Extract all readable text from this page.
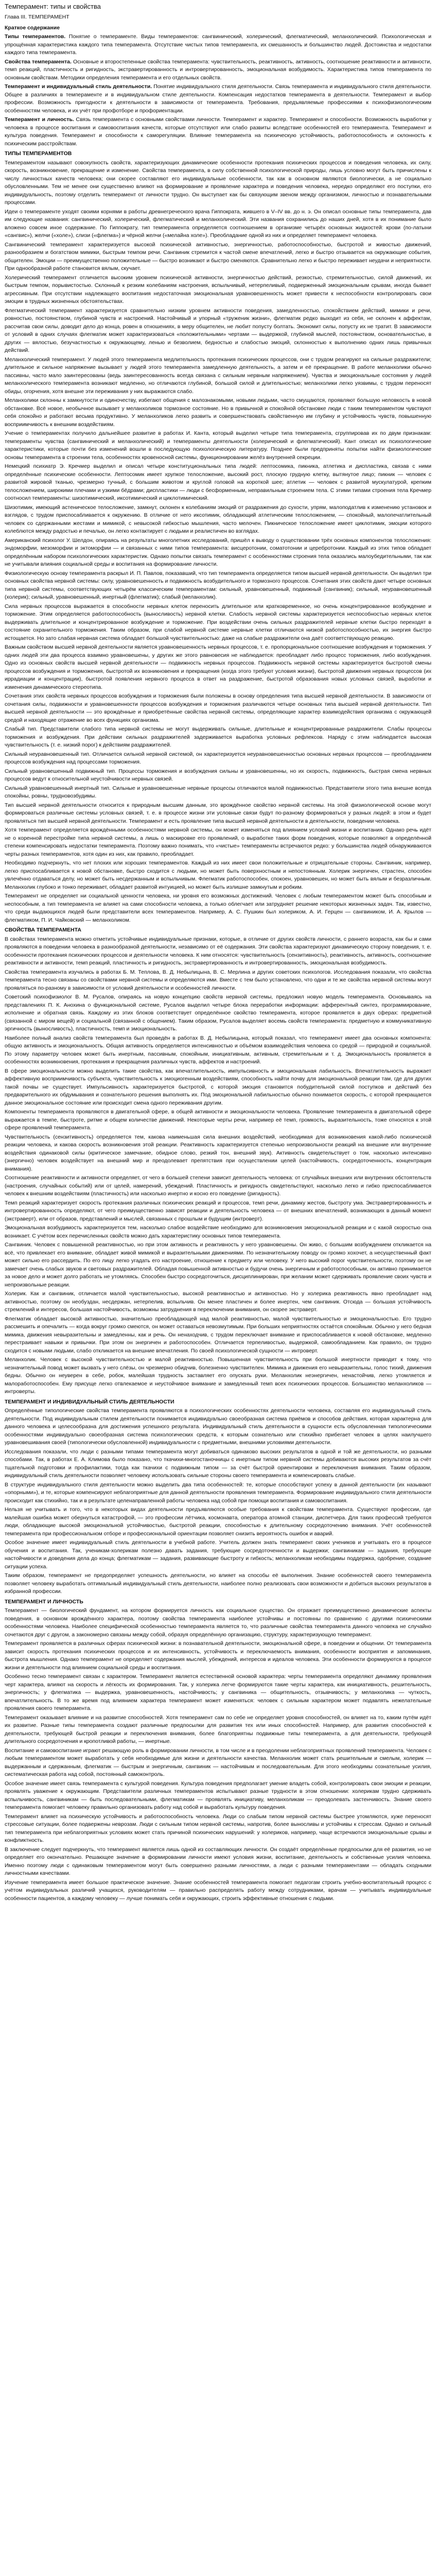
Темперамент: типы и свойства
Глава III. ТЕМПЕРАМЕНТ
Краткое содержание
Типы темпераментов. Понятие о темпераменте. Виды темпераментов: сангвинический, холерический, флегматический, меланхолический. Психологическая и упрощённая характеристика каждого типа темперамента. Отсутствие чистых типов темперамента, их смешанность и большинство людей. Достоинства и недостатки каждого типа темперамента.
Свойства темперамента. Основные и второстепенные свойства темперамента: чувствительность, реактивность, активность, соотношение реактивности и активности, темп реакций, пластичность и ригидность, экстравертированность и интровертированность, эмоциональная возбудимость. Характеристика типов темперамента по основным свойствам. Методики определения темперамента и его отдельных свойств.
Темперамент и индивидуальный стиль деятельности. Понятие индивидуального стиля деятельности. Связь темперамента и индивидуального стиля деятельности. Общее в различиях в темпераменте и в индивидуальном стиле деятельности. Компенсация недостатков темперамента в деятельности. Темперамент и выбор профессии. Возможность пригодности к деятельности в зависимости от темперамента. Требования, предъявляемые профессиями к психофизиологическим особенностям человека, и их учёт при профотборе и профориентации.
Темперамент и личность. Связь темперамента с основными свойствами личности. Темперамент и характер. Темперамент и способности. Возможность выработки у человека в процессе воспитания и самовоспитания качеств, которые отсутствуют или слабо развиты вследствие особенностей его темперамента. Темперамент и культура поведения. Темперамент и способности к саморегуляции. Влияние темперамента на психическую устойчивость, работоспособность и склонность к психическим расстройствам.
ТИПЫ ТЕМПЕРАМЕНТОВ
Темпераментом называют совокупность свойств, характеризующих динамические особенности протекания психических процессов и поведения человека, их силу, скорость, возникновение, прекращение и изменение. Свойства темперамента, в силу собственной психологической природы, лишь условно могут быть причислены к числу личностных качеств человека; они скорее составляют его индивидуальные особенности, так как в основном являются биологически, а не социально обусловленными. Тем не менее они существенно влияют на формирование и проявление характера и поведения человека, нередко определяют его поступки, его индивидуальность, поэтому отделить темперамент от личности трудно. Он выступает как бы связующим звеном между организмом, личностью и познавательными процессами.
Идеи о темпераменте уходят своими корнями в работы древнегреческого врача Гиппократа, жившего в V–IV вв. до н. э. Он описал основные типы темперамента, дав им следующие названия: сангвинический, холерический, флегматический и меланхолический. Эти названия сохранились до наших дней, хотя в их понимание было вложено совсем иное содержание. По Гиппократу, тип темперамента определяется соотношением в организме четырёх основных жидкостей: крови (по-латыни «сангвис»), желчи («холе»), слизи («флегма») и чёрной желчи («мелайна холе»). Преобладание одной из них и определяет темперамент человека.
Сангвинический темперамент характеризуется высокой психической активностью, энергичностью, работоспособностью, быстротой и живостью движений, разнообразием и богатством мимики, быстрым темпом речи. Сангвиник стремится к частой смене впечатлений, легко и быстро отзывается на окружающие события, общителен. Эмоции — преимущественно положительные — быстро возникают и быстро сменяются. Сравнительно легко и быстро переживает неудачи и неприятности. При однообразной работе становится вялым, скучает.
Холерический темперамент отличается высоким уровнем психической активности, энергичностью действий, резкостью, стремительностью, силой движений, их быстрым темпом, порывистостью. Склонный к резким колебаниям настроения, вспыльчивый, нетерпеливый, подверженный эмоциональным срывам, иногда бывает агрессивным. При отсутствии надлежащего воспитания недостаточная эмоциональная уравновешенность может привести к неспособности контролировать свои эмоции в трудных жизненных обстоятельствах.
Флегматический темперамент характеризуется сравнительно низким уровнем активности поведения, замедленностью, спокойствием действий, мимики и речи, ровностью, постоянством, глубиной чувств и настроений. Настойчивый и упорный «труженик жизни», флегматик редко выходит из себя, не склонен к аффектам, рассчитав свои силы, доводит дело до конца, ровен в отношениях, в меру общителен, не любит попусту болтать. Экономит силы, попусту их не тратит. В зависимости от условий в одних случаях флегматик может характеризоваться «положительными» чертами — выдержкой, глубиной мыслей, постоянством, основательностью, в других — вялостью, безучастностью к окружающему, ленью и безволием, бедностью и слабостью эмоций, склонностью к выполнению одних лишь привычных действий.
Меланхолический темперамент. У людей этого темперамента медлительность протекания психических процессов, они с трудом реагируют на сильные раздражители; длительное и сильное напряжение вызывает у людей этого темперамента замедленную деятельность, а затем и её прекращение. В работе меланхолики обычно пассивны, часто мало заинтересованы (ведь заинтересованность всегда связана с сильным нервным напряжением). Чувства и эмоциональные состояния у людей меланхолического темперамента возникают медленно, но отличаются глубиной, большой силой и длительностью; меланхолики легко уязвимы, с трудом переносят обиды, огорчения, хотя внешне эти переживания у них выражаются слабо.
Меланхолики склонны к замкнутости и одиночеству, избегают общения с малознакомыми, новыми людьми, часто смущаются, проявляют большую неловкость в новой обстановке. Всё новое, необычное вызывает у меланхоликов тормозное состояние. Но в привычной и спокойной обстановке люди с таким темпераментом чувствуют себя спокойно и работают весьма продуктивно. У меланхоликов легко развить и совершенствовать свойственную им глубину и устойчивость чувств, повышенную восприимчивость к внешним воздействиям.
Учение о темпераментах получило дальнейшее развитие в работах И. Канта, который выделил четыре типа темперамента, сгруппировав их по двум признакам: темпераменты чувства (сангвинический и меланхолический) и темпераменты деятельности (холерический и флегматический). Кант описал их психологические характеристики, которые почти без изменений вошли в последующую психологическую литературу. Позднее были предприняты попытки найти физиологические основы темперамента в строении тела, особенностях кровеносной системы, функционировании желёз внутренней секреции.
Немецкий психиатр Э. Кречмер выделил и описал четыре конституциональных типа людей: лептосомика, пикника, атлетика и диспластика, связав с ними определённые психические особенности. Лептосомик имеет хрупкое телосложение, высокий рост, плоскую грудную клетку, вытянутое лицо; пикник — человек с развитой жировой тканью, чрезмерно тучный, с большим животом и круглой головой на короткой шее; атлетик — человек с развитой мускулатурой, крепким телосложением, широкими плечами и узкими бёдрами; диспластики — люди с бесформенным, неправильным строением тела. С этими типами строения тела Кречмер соотносил темпераменты: шизотимический, иксотимический и циклотимический.
Шизотимик, имеющий астеническое телосложение, замкнут, склонен к колебаниям эмоций от раздражения до сухости, упрям, малоподатлив к изменению установок и взглядов, с трудом приспосабливается к окружению. В отличие от него иксотимик, обладающий атлетическим телосложением, — спокойный, малопечатлительный человек со сдержанными жестами и мимикой, с невысокой гибкостью мышления, часто мелочен. Пикническое телосложение имеет циклотимик, эмоции которого колеблются между радостью и печалью, он легко контактирует с людьми и реалистичен во взглядах.
Американский психолог У. Шелдон, опираясь на результаты многолетних исследований, пришёл к выводу о существовании трёх основных компонентов телосложения: эндоморфии, мезоморфии и эктоморфии — и связанных с ними типов темперамента: висцеротонии, соматотонии и церебротонии. Каждый из этих типов обладает определённым набором психологических характеристик. Однако попытки связать темперамент с особенностями строения тела оказались малоубедительными, так как не учитывали влияния социальной среды и воспитания на формирование личности.
Физиологическую основу темперамента раскрыл И. П. Павлов, показавший, что тип темперамента определяется типом высшей нервной деятельности. Он выделил три основных свойства нервной системы: силу, уравновешенность и подвижность возбудительного и тормозного процессов. Сочетания этих свойств дают четыре основных типа нервной системы, соответствующих четырём классическим темпераментам: сильный, уравновешенный, подвижный (сангвиник); сильный, неуравновешенный (холерик); сильный, уравновешенный, инертный (флегматик); слабый (меланхолик).
Сила нервных процессов выражается в способности нервных клеток переносить длительное или кратковременное, но очень концентрированное возбуждение и торможение. Этим определяется работоспособность (выносливость) нервной клетки. Слабость нервной системы характеризуется неспособностью нервных клеток выдерживать длительное и концентрированное возбуждение и торможение. При воздействии очень сильных раздражителей нервные клетки быстро переходят в состояние охранительного торможения. Таким образом, при слабой нервной системе нервные клетки отличаются низкой работоспособностью, их энергия быстро истощается. Но зато слабая нервная система обладает большой чувствительностью: даже на слабые раздражители она даёт соответствующую реакцию.
Важным свойством высшей нервной деятельности является уравновешенность нервных процессов, т. е. пропорциональное соотношение возбуждения и торможения. У одних людей эти два процесса взаимно уравновешены, у других же этого равновесия не наблюдается: преобладает либо процесс торможения, либо возбуждения. Одно из основных свойств высшей нервной деятельности — подвижность нервных процессов. Подвижность нервной системы характеризуется быстротой смены процессов возбуждения и торможения, быстротой их возникновения и прекращения (когда этого требуют условия жизни), быстротой движения нервных процессов (их иррадиации и концентрации), быстротой появления нервного процесса в ответ на раздражение, быстротой образования новых условных связей, выработки и изменения динамического стереотипа.
Сочетания этих свойств нервных процессов возбуждения и торможения были положены в основу определения типа высшей нервной деятельности. В зависимости от сочетания силы, подвижности и уравновешенности процессов возбуждения и торможения различаются четыре основных типа высшей нервной деятельности. Тип высшей нервной деятельности — это врождённые и приобретённые свойства нервной системы, определяющие характер взаимодействия организма с окружающей средой и находящие отражение во всех функциях организма.
Слабый тип. Представители слабого типа нервной системы не могут выдерживать сильные, длительные и концентрированные раздражители. Слабы процессы торможения и возбуждения. При действии сильных раздражителей задерживается выработка условных рефлексов. Наряду с этим наблюдается высокая чувствительность (т. е. низкий порог) к действиям раздражителей.
Сильный неуравновешенный тип. Отличается сильной нервной системой, он характеризуется неуравновешенностью основных нервных процессов — преобладанием процессов возбуждения над процессами торможения.
Сильный уравновешенный подвижный тип. Процессы торможения и возбуждения сильны и уравновешенны, но их скорость, подвижность, быстрая смена нервных процессов ведут к относительной неустойчивости нервных связей.
Сильный уравновешенный инертный тип. Сильные и уравновешенные нервные процессы отличаются малой подвижностью. Представители этого типа внешне всегда спокойны, ровны, трудновозбудимы.
Тип высшей нервной деятельности относится к природным высшим данным, это врождённое свойство нервной системы. На этой физиологической основе могут формироваться различные системы условных связей, т. е. в процессе жизни эти условные связи будут по-разному формироваться у разных людей: в этом и будет проявляться тип высшей нервной деятельности. Темперамент и есть проявление типа высшей нервной деятельности в деятельности, поведении человека.
Хотя темперамент определяется врождёнными особенностями нервной системы, он может изменяться под влиянием условий жизни и воспитания. Однако речь идёт не о коренной перестройке типа нервной системы, а лишь о маскировке его проявлений, о выработке таких форм поведения, которые позволяют в определённой степени компенсировать недостатки темперамента. Поэтому важно понимать, что «чистые» темпераменты встречаются редко: у большинства людей обнаруживаются черты разных темпераментов, хотя один из них, как правило, преобладает.
Необходимо подчеркнуть, что нет плохих или хороших темпераментов. Каждый из них имеет свои положительные и отрицательные стороны. Сангвиник, например, легко приспосабливается к новой обстановке, быстро сходится с людьми, но может быть поверхностным и непостоянным. Холерик энергичен, страстен, способен увлечённо отдаваться делу, но может быть несдержанным и вспыльчивым. Флегматик работоспособен, спокоен, уравновешен, но может быть вялым и безразличным. Меланхолик глубоко и тонко переживает, обладает развитой интуицией, но может быть излишне замкнутым и робким.
Темперамент не определяет ни социальной ценности человека, ни уровня его возможных достижений. Человек с любым темпераментом может быть способным и неспособным, а тип темперамента не влияет на сами способности человека, а только облегчает или затрудняет решение некоторых жизненных задач. Так, известно, что среди выдающихся людей были представители всех темпераментов. Например, А. С. Пушкин был холериком, А. И. Герцен — сангвиником, И. А. Крылов — флегматиком, П. И. Чайковский — меланхоликом.
СВОЙСТВА ТЕМПЕРАМЕНТА
В свойствах темперамента можно отметить устойчивые индивидуальные признаки, которые, в отличие от других свойств личности, с раннего возраста, как бы и сами проявляются в поведении человека в разнообразной деятельности, независимо от её содержания. Эти свойства характеризуют динамическую сторону поведения, т. е. особенности протекания психических процессов и деятельности человека. К ним относятся: чувствительность (сензитивность), реактивность, активность, соотношение реактивности и активности, темп реакций, пластичность и ригидность, экстравертированность и интровертированность, эмоциональная возбудимость.
Свойства темперамента изучались в работах Б. М. Теплова, В. Д. Небылицына, В. С. Мерлина и других советских психологов. Исследования показали, что свойства темперамента тесно связаны со свойствами нервной системы и определяются ими. Вместе с тем было установлено, что одни и те же свойства нервной системы могут проявляться по-разному в зависимости от условий деятельности и особенностей личности.
Советский психофизиолог В. М. Русалов, опираясь на новую концепцию свойств нервной системы, предложил новую модель темперамента. Основываясь на представлениях П. К. Анохина о функциональной системе, Русалов выделил четыре блока переработки информации: афферентный синтез, программирование, исполнение и обратная связь. Каждому из этих блоков соответствует определённое свойство темперамента, которое проявляется в двух сферах: предметной (связанной с миром вещей) и социальной (связанной с общением). Таким образом, Русалов выделяет восемь свойств темперамента: предметную и коммуникативную эргичность (выносливость), пластичность, темп и эмоциональность.
Наиболее полный анализ свойств темперамента был проведён в работах В. Д. Небылицына, который показал, что темперамент имеет два основных компонента: общую активность и эмоциональность. Общая активность определяется интенсивностью и объёмом взаимодействия человека со средой — природной и социальной. По этому параметру человек может быть инертным, пассивным, спокойным, инициативным, активным, стремительным и т. д. Эмоциональность проявляется в особенностях возникновения, протекания и прекращения различных чувств, аффектов и настроений.
В сфере эмоциональности можно выделить такие свойства, как впечатлительность, импульсивность и эмоциональная лабильность. Впечатлительность выражает аффективную восприимчивость субъекта, чувствительность к эмоциогенным воздействиям, способность найти почву для эмоциональной реакции там, где для других такой почвы не существует. Импульсивность характеризуется быстротой, с которой эмоция становится побудительной силой поступков и действий без предварительного их обдумывания и сознательного решения выполнять их. Под эмоциональной лабильностью обычно понимается скорость, с которой прекращается данное эмоциональное состояние или происходит смена одного переживания другим.
Компоненты темперамента проявляются в двигательной сфере, в общей активности и эмоциональности человека. Проявление темперамента в двигательной сфере выражается в темпе, быстроте, ритме и общем количестве движений. Некоторые черты речи, например её темп, громкость, выразительность, тоже относятся к этой сфере проявлений темперамента.
Чувствительность (сензитивность) определяется тем, какова наименьшая сила внешних воздействий, необходимая для возникновения какой-либо психической реакции человека, и какова скорость возникновения этой реакции. Реактивность характеризуется степенью непроизвольности реакций на внешние или внутренние воздействия одинаковой силы (критическое замечание, обидное слово, резкий тон, внешний звук). Активность свидетельствует о том, насколько интенсивно (энергично) человек воздействует на внешний мир и преодолевает препятствия при осуществлении целей (настойчивость, сосредоточенность, концентрация внимания).
Соотношение реактивности и активности определяет, от чего в большей степени зависит деятельность человека: от случайных внешних или внутренних обстоятельств (настроения, случайных событий) или от целей, намерений, убеждений. Пластичность и ригидность свидетельствуют, насколько легко и гибко приспосабливается человек к внешним воздействиям (пластичность) или насколько инертно и косно его поведение (ригидность).
Темп реакций характеризует скорость протекания различных психических реакций и процессов, темп речи, динамику жестов, быстроту ума. Экстравертированность и интровертированность определяют, от чего преимущественно зависят реакции и деятельность человека — от внешних впечатлений, возникающих в данный момент (экстраверт), или от образов, представлений и мыслей, связанных с прошлым и будущим (интроверт).
Эмоциональная возбудимость характеризуется тем, насколько слабое воздействие необходимо для возникновения эмоциональной реакции и с какой скоростью она возникает. С учётом всех перечисленных свойств можно дать характеристику основных типов темперамента.
Сангвиник. Человек с повышенной реактивностью, но при этом активность и реактивность у него уравновешены. Он живо, с большим возбуждением откликается на всё, что привлекает его внимание, обладает живой мимикой и выразительными движениями. По незначительному поводу он громко хохочет, а несущественный факт может сильно его рассердить. По его лицу легко угадать его настроение, отношение к предмету или человеку. У него высокий порог чувствительности, поэтому он не замечает очень слабых звуков и световых раздражителей. Обладая повышенной активностью и будучи очень энергичным и работоспособным, он активно принимается за новое дело и может долго работать не утомляясь. Способен быстро сосредоточиться, дисциплинирован, при желании может сдерживать проявление своих чувств и непроизвольные реакции.
Холерик. Как и сангвиник, отличается малой чувствительностью, высокой реактивностью и активностью. Но у холерика реактивность явно преобладает над активностью, поэтому он необуздан, несдержан, нетерпелив, вспыльчив. Он менее пластичен и более инертен, чем сангвиник. Отсюда — большая устойчивость стремлений и интересов, большая настойчивость, возможны затруднения в переключении внимания, он скорее экстраверт.
Флегматик обладает высокой активностью, значительно преобладающей над малой реактивностью, малой чувствительностью и эмоциональностью. Его трудно рассмешить и опечалить — когда вокруг громко смеются, он может оставаться невозмутимым. При больших неприятностях остаётся спокойным. Обычно у него бедная мимика, движения невыразительны и замедленны, как и речь. Он ненаходчив, с трудом переключает внимание и приспосабливается к новой обстановке, медленно перестраивает навыки и привычки. При этом он энергичен и работоспособен. Отличается терпеливостью, выдержкой, самообладанием. Как правило, он трудно сходится с новыми людьми, слабо откликается на внешние впечатления. По своей психологической сущности — интроверт.
Меланхолик. Человек с высокой чувствительностью и малой реактивностью. Повышенная чувствительность при большой инертности приводит к тому, что незначительный повод может вызвать у него слёзы, он чрезмерно обидчив, болезненно чувствителен. Мимика и движения его невыразительны, голос тихий, движения бедны. Обычно он неуверен в себе, робок, малейшая трудность заставляет его опускать руки. Меланхолик неэнергичен, ненастойчив, легко утомляется и малоработоспособен. Ему присуще легко отвлекаемое и неустойчивое внимание и замедленный темп всех психических процессов. Большинство меланхоликов — интроверты.
ТЕМПЕРАМЕНТ И ИНДИВИДУАЛЬНЫЙ СТИЛЬ ДЕЯТЕЛЬНОСТИ
Определённые типологические свойства темперамента проявляются в психологических особенностях деятельности человека, составляя его индивидуальный стиль деятельности. Под индивидуальным стилем деятельности понимается индивидуально своеобразная система приёмов и способов действия, которая характерна для данного человека и целесообразна для достижения успешного результата. Индивидуальный стиль деятельности в сущности есть обусловленная типологическими особенностями индивидуально своеобразная система психологических средств, к которым сознательно или стихийно прибегает человек в целях наилучшего уравновешивания своей (типологически обусловленной) индивидуальности с предметными, внешними условиями деятельности.
Исследования показали, что люди с разными типами темперамента могут добиваться одинаково высоких результатов в одной и той же деятельности, но разными способами. Так, в работах Е. А. Климова было показано, что ткачихи-многостаночницы с инертным типом нервной системы добиваются высоких результатов за счёт тщательной подготовки и профилактики, тогда как ткачихи с подвижным типом — за счёт быстрой ориентировки и переключения внимания. Таким образом, индивидуальный стиль деятельности позволяет человеку использовать сильные стороны своего темперамента и компенсировать слабые.
В структуре индивидуального стиля деятельности можно выделить два типа особенностей: те, которые способствуют успеху в данной деятельности (их называют «опорными»), и те, которые компенсируют неблагоприятные для данной деятельности проявления темперамента. Формирование индивидуального стиля деятельности происходит как стихийно, так и в результате целенаправленной работы человека над собой при помощи воспитания и самовоспитания.
Нельзя не учитывать и того, что в некоторых видах деятельности предъявляются особые требования к свойствам темперамента. Существуют профессии, где малейшая ошибка может обернуться катастрофой, — это профессии лётчика, космонавта, оператора атомной станции, диспетчера. Для таких профессий требуются люди, обладающие высокой эмоциональной устойчивостью, быстротой реакции, способностью к длительному сосредоточению внимания. Учёт особенностей темперамента при профессиональном отборе и профессиональной ориентации позволяет снизить вероятность ошибок и аварий.
Особое значение имеет индивидуальный стиль деятельности в учебной работе. Учитель должен знать темперамент своих учеников и учитывать его в процессе обучения и воспитания. Так, ученикам-холерикам полезно давать задания, требующие сосредоточенности и выдержки; сангвиникам — задания, требующие настойчивости и доведения дела до конца; флегматикам — задания, развивающие быстроту и гибкость; меланхоликам необходимы поддержка, одобрение, создание ситуации успеха.
Таким образом, темперамент не предопределяет успешность деятельности, но влияет на способы её выполнения. Знание особенностей своего темперамента позволяет человеку выработать оптимальный индивидуальный стиль деятельности, наиболее полно реализовать свои возможности и добиться высоких результатов в избранной профессии.
ТЕМПЕРАМЕНТ И ЛИЧНОСТЬ
Темперамент — биологический фундамент, на котором формируется личность как социальное существо. Он отражает преимущественно динамические аспекты поведения, в основном врождённого характера, поэтому свойства темперамента наиболее устойчивы и постоянны по сравнению с другими психическими особенностями человека. Наиболее специфической особенностью темперамента является то, что различные свойства темперамента данного человека не случайно сочетаются друг с другом, а закономерно связаны между собой, образуя определённую организацию, структуру, характеризующую темперамент.
Темперамент проявляется в различных сферах психической жизни: в познавательной деятельности, эмоциональной сфере, в поведении и общении. От темперамента зависит скорость протекания психических процессов и их интенсивность, устойчивость и переключаемость внимания, особенности восприятия и запоминания, быстрота мышления. Однако темперамент не определяет содержания мыслей, убеждений, интересов и идеалов человека. Эти особенности формируются в процессе жизни и деятельности под влиянием социальной среды и воспитания.
Особенно тесно темперамент связан с характером. Темперамент является естественной основой характера: черты темперамента определяют динамику проявления черт характера, влияют на скорость и лёгкость их формирования. Так, у холерика легче формируются такие черты характера, как инициативность, решительность, энергичность; у флегматика — выдержка, уравновешенность, настойчивость; у сангвиника — общительность, отзывчивость; у меланхолика — чуткость, впечатлительность. В то же время под влиянием характера темперамент может изменяться: человек с сильным характером может подавлять нежелательные проявления своего темперамента.
Темперамент оказывает влияние и на развитие способностей. Хотя темперамент сам по себе не определяет уровня способностей, он влияет на то, каким путём идёт их развитие. Разные типы темперамента создают различные предпосылки для развития тех или иных способностей. Например, для развития способностей к деятельности, требующей быстрой реакции и переключения внимания, более благоприятны подвижные типы темперамента, а для деятельности, требующей длительного сосредоточения и кропотливой работы, — инертные.
Воспитание и самовоспитание играют решающую роль в формировании личности, в том числе и в преодолении неблагоприятных проявлений темперамента. Человек с любым темпераментом может выработать у себя необходимые для жизни и деятельности качества. Меланхолик может стать решительным и смелым, холерик — выдержанным и сдержанным, флегматик — быстрым и энергичным, сангвиник — настойчивым и последовательным. Для этого необходимы сознательные усилия, систематическая работа над собой, постоянный самоконтроль.
Особое значение имеет связь темперамента с культурой поведения. Культура поведения предполагает умение владеть собой, контролировать свои эмоции и реакции, проявлять уважение к окружающим. Представители различных темпераментов испытывают разные трудности в этом отношении: холерикам трудно сдерживать вспыльчивость, сангвиникам — быть последовательными, флегматикам — проявлять инициативу, меланхоликам — преодолевать застенчивость. Знание своего темперамента помогает человеку правильно организовать работу над собой и выработать культуру поведения.
Темперамент влияет на психическую устойчивость и работоспособность человека. Люди со слабым типом нервной системы быстрее утомляются, хуже переносят стрессовые ситуации, более подвержены неврозам. Люди с сильным типом нервной системы, напротив, более выносливы и устойчивы к стрессам. Однако и сильный тип темперамента при неблагоприятных условиях может стать причиной психических нарушений: у холериков, например, чаще встречаются эмоциональные срывы и конфликтность.
В заключение следует подчеркнуть, что темперамент является лишь одной из составляющих личности. Он создаёт определённые предпосылки для её развития, но не определяет его окончательно. Решающее значение в формировании личности имеют условия жизни, воспитание, деятельность и собственные усилия человека. Именно поэтому люди с одинаковым темпераментом могут быть совершенно разными личностями, а люди с разными темпераментами — обладать сходными личностными качествами.
Изучение темперамента имеет большое практическое значение. Знание особенностей темперамента помогает педагогам строить учебно-воспитательный процесс с учётом индивидуальных различий учащихся, руководителям — правильно распределять работу между сотрудниками, врачам — учитывать индивидуальные особенности пациентов, а каждому человеку — лучше понимать себя и окружающих, строить эффективные отношения с людьми.
